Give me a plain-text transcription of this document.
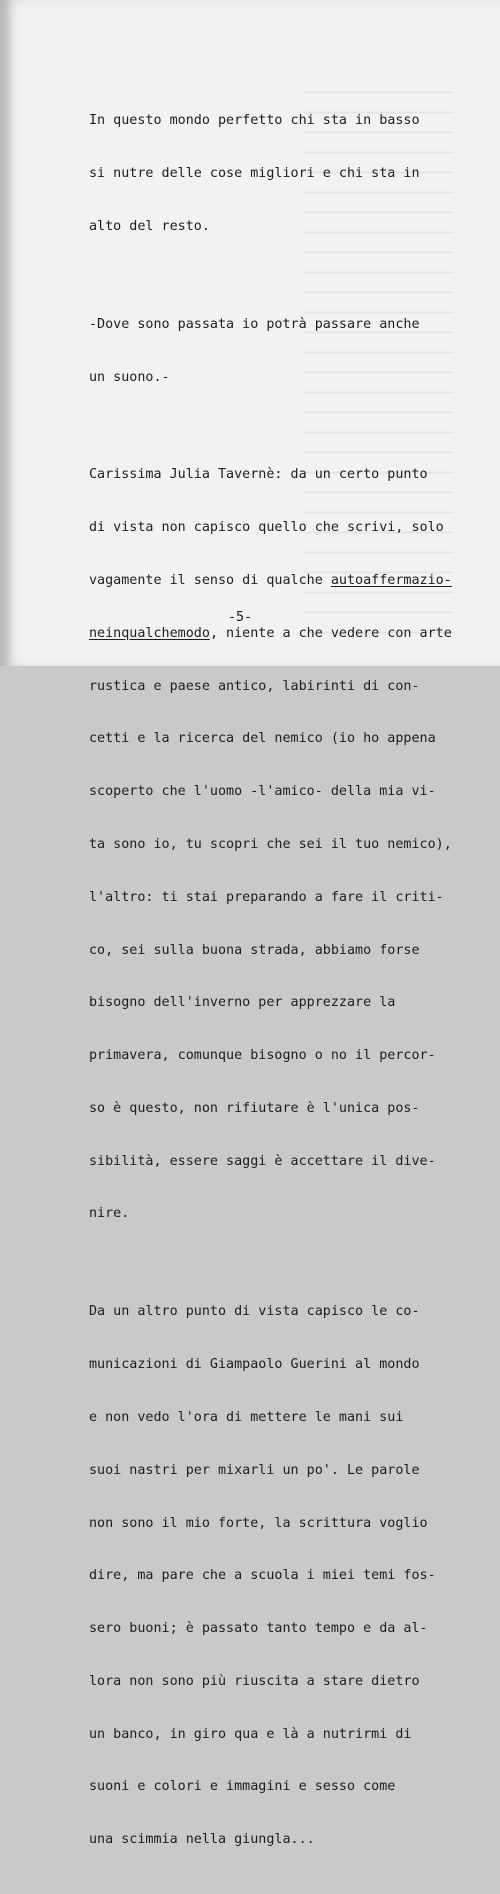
In questo mondo perfetto chi sta in basso

si nutre delle cose migliori e chi sta in

alto del resto.

-Dove sono passata io potrà passare anche

un suono.-

Carissima Julia Tavernè: da un certo punto

di vista non capisco quello che scrivi, solo

vagamente il senso di qualche autoaffermazio-

neinqualchemodo, niente a che vedere con arte

rustica e paese antico, labirinti di con-

cetti e la ricerca del nemico (io ho appena

scoperto che l'uomo -l'amico- della mia vi-

ta sono io, tu scopri che sei il tuo nemico),

l'altro: ti stai preparando a fare il criti-

co, sei sulla buona strada, abbiamo forse

bisogno dell'inverno per apprezzare la

primavera, comunque bisogno o no il percor-

so è questo, non rifiutare è l'unica pos-

sibilità, essere saggi è accettare il dive-

nire.

Da un altro punto di vista capisco le co-

municazioni di Giampaolo Guerini al mondo

e non vedo l'ora di mettere le mani sui

suoi nastri per mixarli un po'. Le parole

non sono il mio forte, la scrittura voglio

dire, ma pare che a scuola i miei temi fos-

sero buoni; è passato tanto tempo e da al-

lora non sono più riuscita a stare dietro

un banco, in giro qua e là a nutrirmi di

suoni e colori e immagini e sesso come

una scimmia nella giungla...

-5-
